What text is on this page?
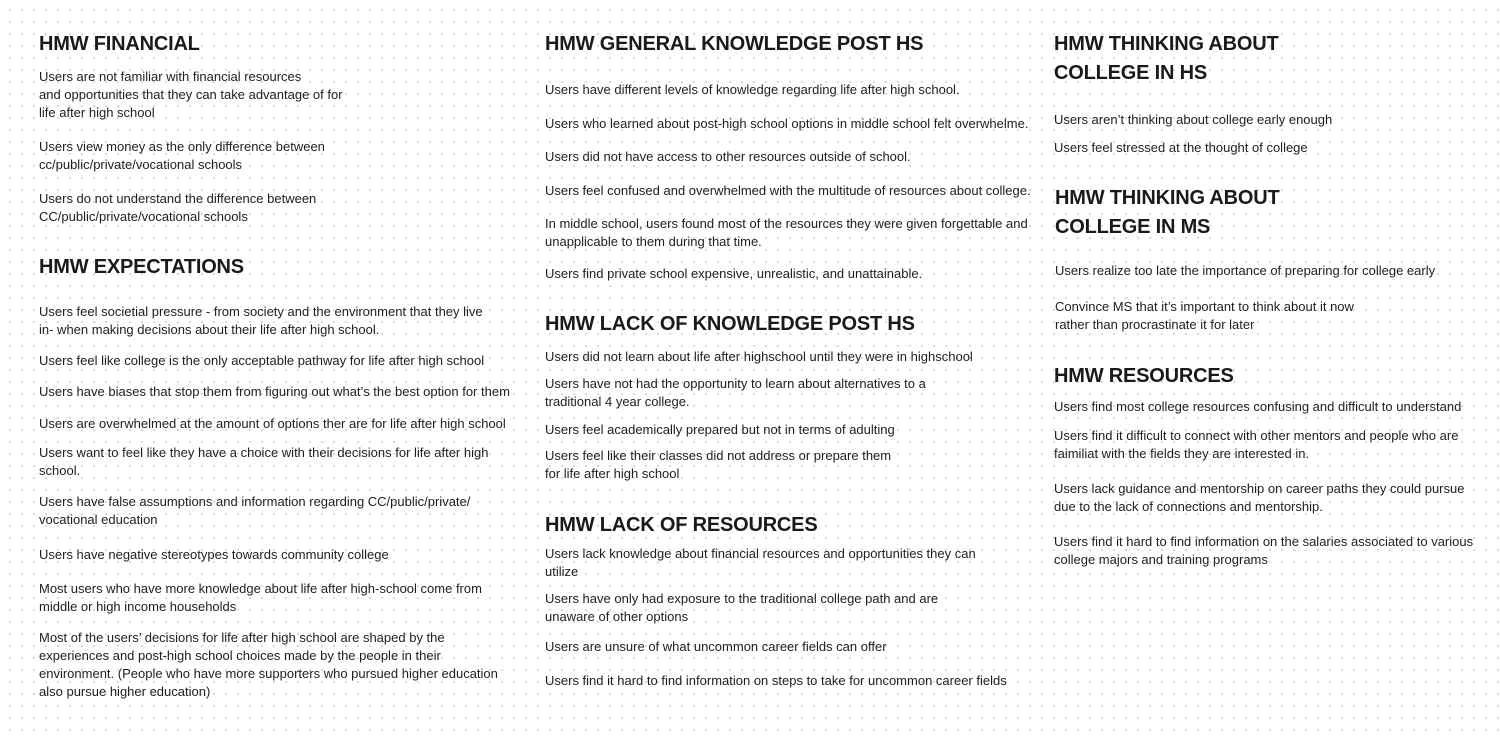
HMW FINANCIAL

Users are not familiar with financial resources
and opportunities that they can take advantage of for
life after high school

Users view money as the only difference between
cc/public/private/vocational schools

Users do not understand the difference between
CC/public/private/vocational schools

HMW EXPECTATIONS

Users feel societial pressure - from society and the environment that they live
in- when making decisions about their life after high school.

Users feel like college is the only acceptable pathway for life after high school

Users have biases that stop them from figuring out what’s the best option for them

Users are overwhelmed at the amount of options ther are for life after high school

Users want to feel like they have a choice with their decisions for life after high
school.

Users have false assumptions and information regarding CC/public/private/
vocational education

Users have negative stereotypes towards community college

Most users who have more knowledge about life after high-school come from
middle or high income households

Most of the users’ decisions for life after high school are shaped by the
experiences and post-high school choices made by the people in their
environment. (People who have more supporters who pursued higher education
also pursue higher education)

HMW GENERAL KNOWLEDGE POST HS

Users have different levels of knowledge regarding life after high school.

Users who learned about post-high school options in middle school felt overwhelme.

Users did not have access to other resources outside of school.

Users feel confused and overwhelmed with the multitude of resources about college.

In middle school, users found most of the resources they were given forgettable and
unapplicable to them during that time.

Users find private school expensive, unrealistic, and unattainable.

HMW LACK OF KNOWLEDGE POST HS

Users did not learn about life after highschool until they were in highschool

Users have not had the opportunity to learn about alternatives to a
traditional 4 year college.

Users feel academically prepared but not in terms of adulting

Users feel like their classes did not address or prepare them
for life after high school

HMW LACK OF RESOURCES

Users lack knowledge about financial resources and opportunities they can
utilize

Users have only had exposure to the traditional college path and are
unaware of other options

Users are unsure of what uncommon career fields can offer

Users find it hard to find information on steps to take for uncommon career fields

HMW THINKING ABOUT
COLLEGE IN HS

Users aren’t thinking about college early enough

Users feel stressed at the thought of college

HMW THINKING ABOUT
COLLEGE IN MS

Users realize too late the importance of preparing for college early

Convince MS that it’s important to think about it now
rather than procrastinate it for later

HMW RESOURCES

Users find most college resources confusing and difficult to understand

Users find it difficult to connect with other mentors and people who are
faimiliat with the fields they are interested in.

Users lack guidance and mentorship on career paths they could pursue
due to the lack of connections and mentorship.

Users find it hard to find information on the salaries associated to various
college majors and training programs
